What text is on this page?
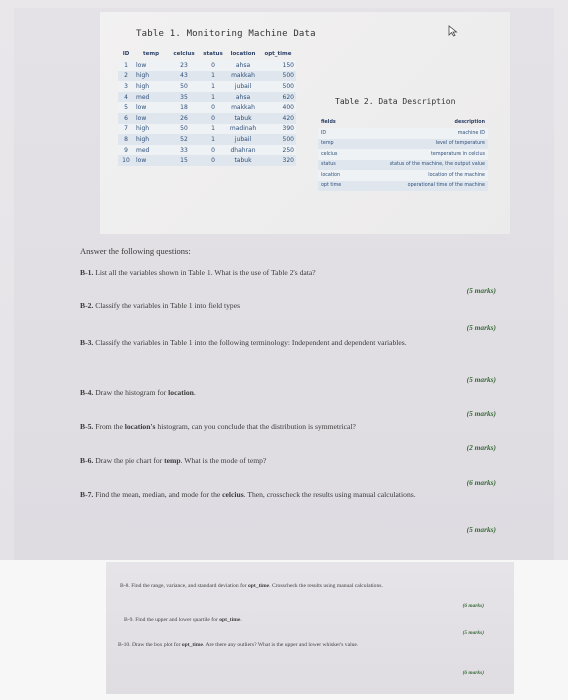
Table 1. Monitoring Machine Data
ID	temp	celcius	status	location	opt_time
1	low	23	0	ahsa	150
2	high	43	1	makkah	500
3	high	50	1	jubail	500
4	med	35	1	ahsa	620
5	low	18	0	makkah	400
6	low	26	0	tabuk	420
7	high	50	1	madinah	390
8	high	52	1	jubail	500
9	med	33	0	dhahran	250
10	low	15	0	tabuk	320
Table 2. Data Description
fields	description
ID	machine ID
temp	level of temperature
celcius	temperature in celcius
status	status of the machine, the output value
location	location of the machine
opt time	operational time of the machine
Answer the following questions:
B-1. List all the variables shown in Table 1. What is the use of Table 2's data?
(5 marks)
B-2. Classify the variables in Table 1 into field types
(5 marks)
B-3. Classify the variables in Table 1 into the following terminology: Independent and dependent variables.
(5 marks)
B-4. Draw the histogram for location.
(5 marks)
B-5. From the location's histogram, can you conclude that the distribution is symmetrical?
(2 marks)
B-6. Draw the pie chart for temp. What is the mode of temp?
(6 marks)
B-7. Find the mean, median, and mode for the celcius. Then, crosscheck the results using manual calculations.
(5 marks)
B-8. Find the range, variance, and standard deviation for opt_time. Crosscheck the results using manual calculations.
(6 marks)
B-9. Find the upper and lower quartile for opt_time.
(5 marks)
B-10. Draw the box plot for opt_time. Are there any outliers? What is the upper and lower whisker's value.
(6 marks)
